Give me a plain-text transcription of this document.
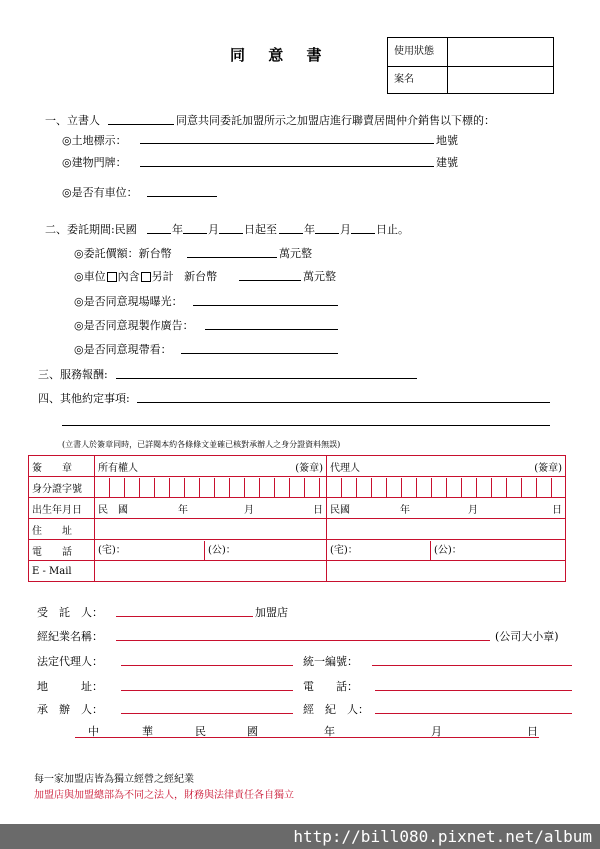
同 意 書	使用狀態
案名
一、立書人	同意共同委託加盟所示之加盟店進行聯賣居間仲介銷售以下標的：
◎土地標示：	地號
◎建物門牌：	建號
◎是否有車位：
二、委託期間:民國	年 月 日起至 年 月 日止。
◎委託價額：新台幣	萬元整
◎車位 內含 另計 新台幣	萬元整
◎是否同意現場曝光：
◎是否同意現製作廣告：
◎是否同意現帶看：
三、服務報酬:
四、其他約定事項:
(立書人於簽章同時，已詳閱本約各條條文並確已核對承辦人之身分證資料無誤)
簽　　章	所有權人 (簽章)	代理人 (簽章)

身分證字號		
出生年月日	民　國 年 月 日	民國 年 月 日

住　　址		
電　　話	(宅)： (公)：	(宅)： (公)：
E - Mail		
受　託　人：	加盟店
經紀業名稱：	(公司大小章)
法定代理人：	統一編號：
地　　　址：	電　　話：
承　辦　人：	經　紀　人：
中	華	民	國	年	月	日
每一家加盟店皆為獨立經營之經紀業
加盟店與加盟總部為不同之法人，財務與法律責任各自獨立
http://bill080.pixnet.net/album
